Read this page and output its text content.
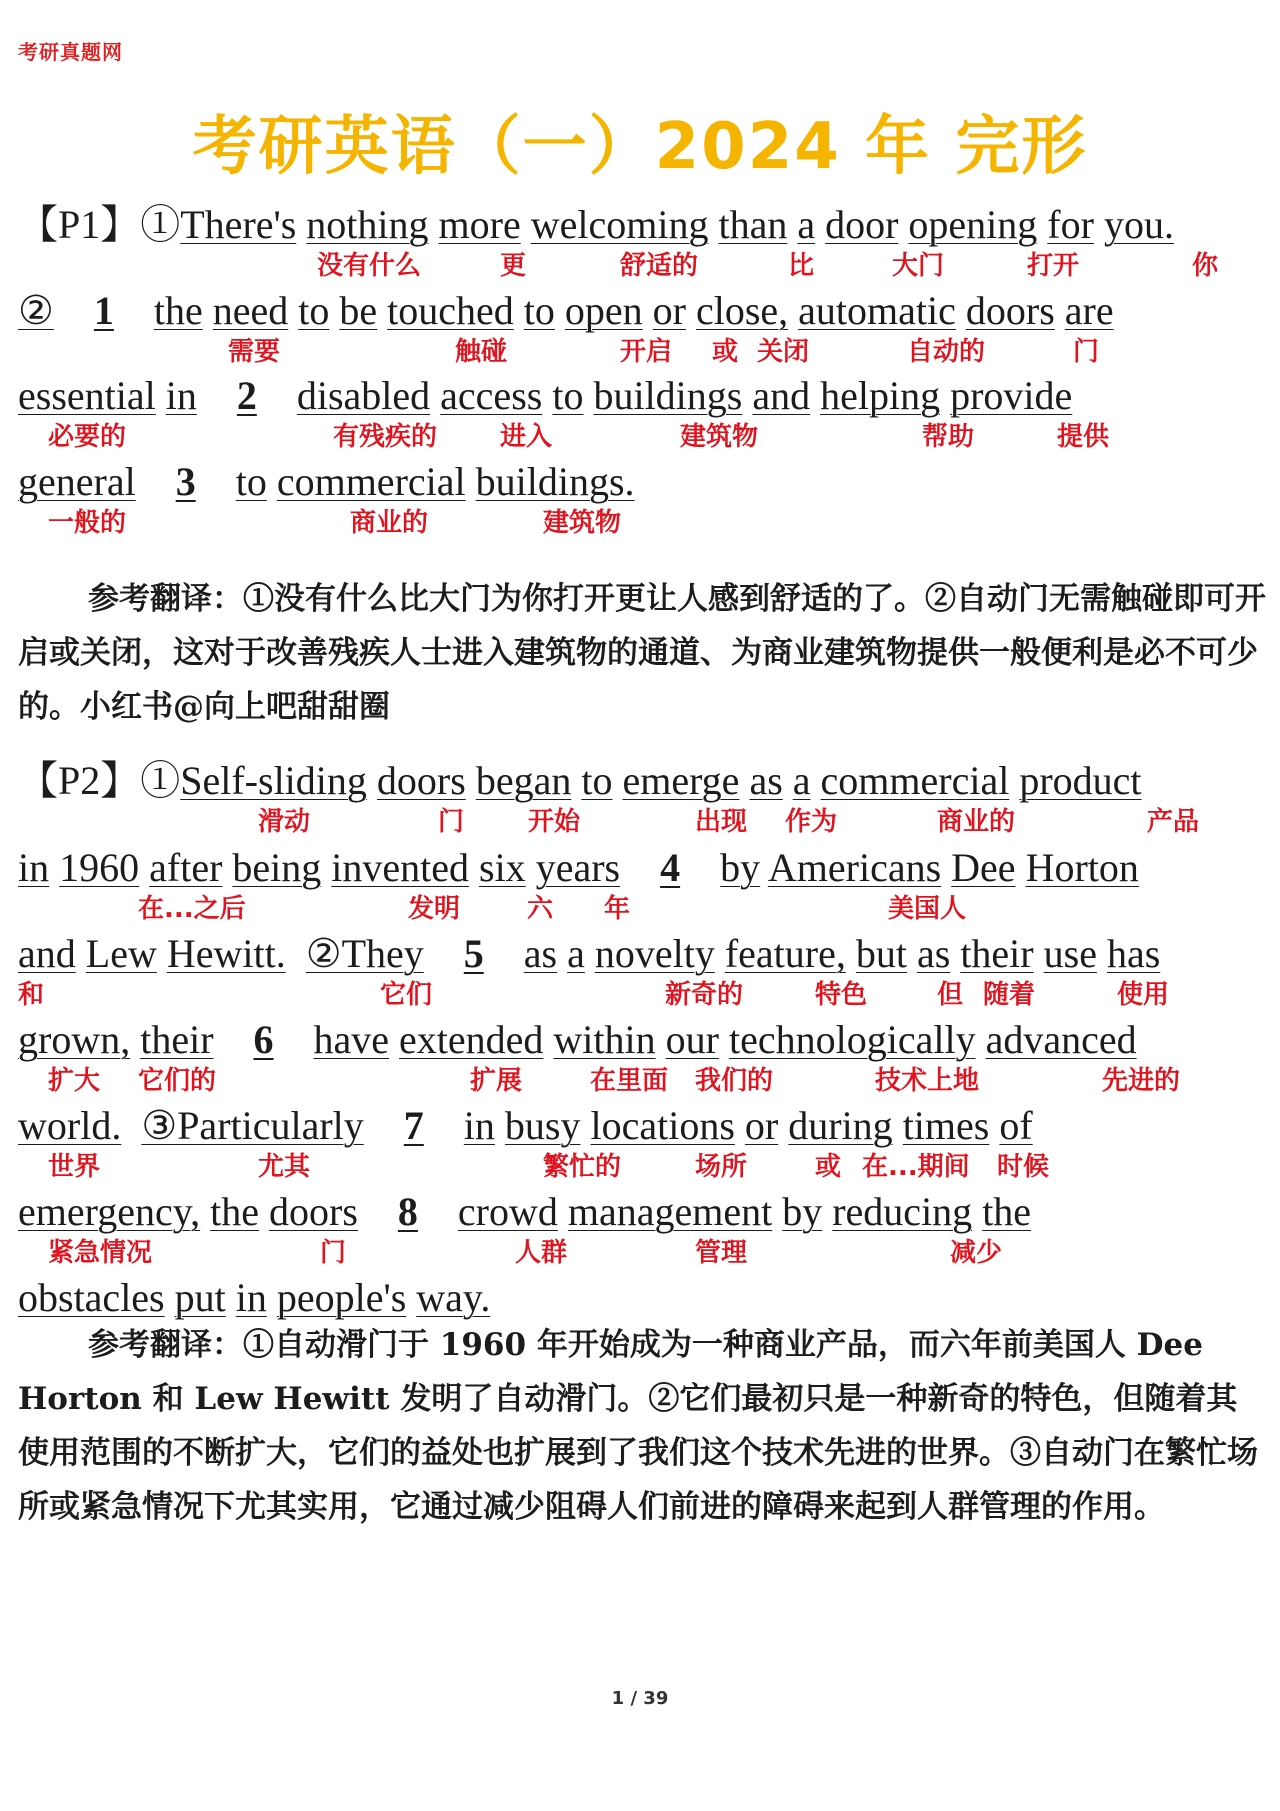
考研真题网
考研英语（一）2024 年 完形
【P1】①There's nothing more welcoming than a door opening for you.
没有什么	更	舒适的	比	大门	打开	你
② 1 the need to be touched to open or close, automatic doors are
需要	触碰	开启 或 关闭	自动的	门
essential in 2 disabled access to buildings and helping provide
必要的	有残疾的 进入	建筑物	帮助	提供
general 3 to commercial buildings.
一般的	商业的	建筑物
参考翻译：①没有什么比大门为你打开更让人感到舒适的了。②自动门无需触碰即可开启或关闭，这对于改善残疾人士进入建筑物的通道、为商业建筑物提供一般便利是必不可少的。小红书@向上吧甜甜圈
【P2】①Self-sliding doors began to emerge as a commercial product
滑动	门 开始	出现 作为	商业的	产品
in 1960 after being invented six years 4 by Americans Dee Horton
在...之后	发明	六 年	美国人
and Lew Hewitt. ②They 5 as a novelty feature, but as their use has
和	它们	新奇的	特色	但 随着	使用
grown, their 6 have extended within our technologically advanced
扩大 它们的	扩展	在里面 我们的	技术上地	先进的
world. ③Particularly 7 in busy locations or during times of
世界	尤其	繁忙的	场所	或 在...期间 时候
emergency, the doors 8 crowd management by reducing the
紧急情况	门	人群	管理	减少
obstacles put in people's way.
参考翻译：①自动滑门于 1960 年开始成为一种商业产品，而六年前美国人 Dee Horton 和 Lew Hewitt 发明了自动滑门。②它们最初只是一种新奇的特色，但随着其使用范围的不断扩大，它们的益处也扩展到了我们这个技术先进的世界。③自动门在繁忙场所或紧急情况下尤其实用，它通过减少阻碍人们前进的障碍来起到人群管理的作用。
1 / 39
